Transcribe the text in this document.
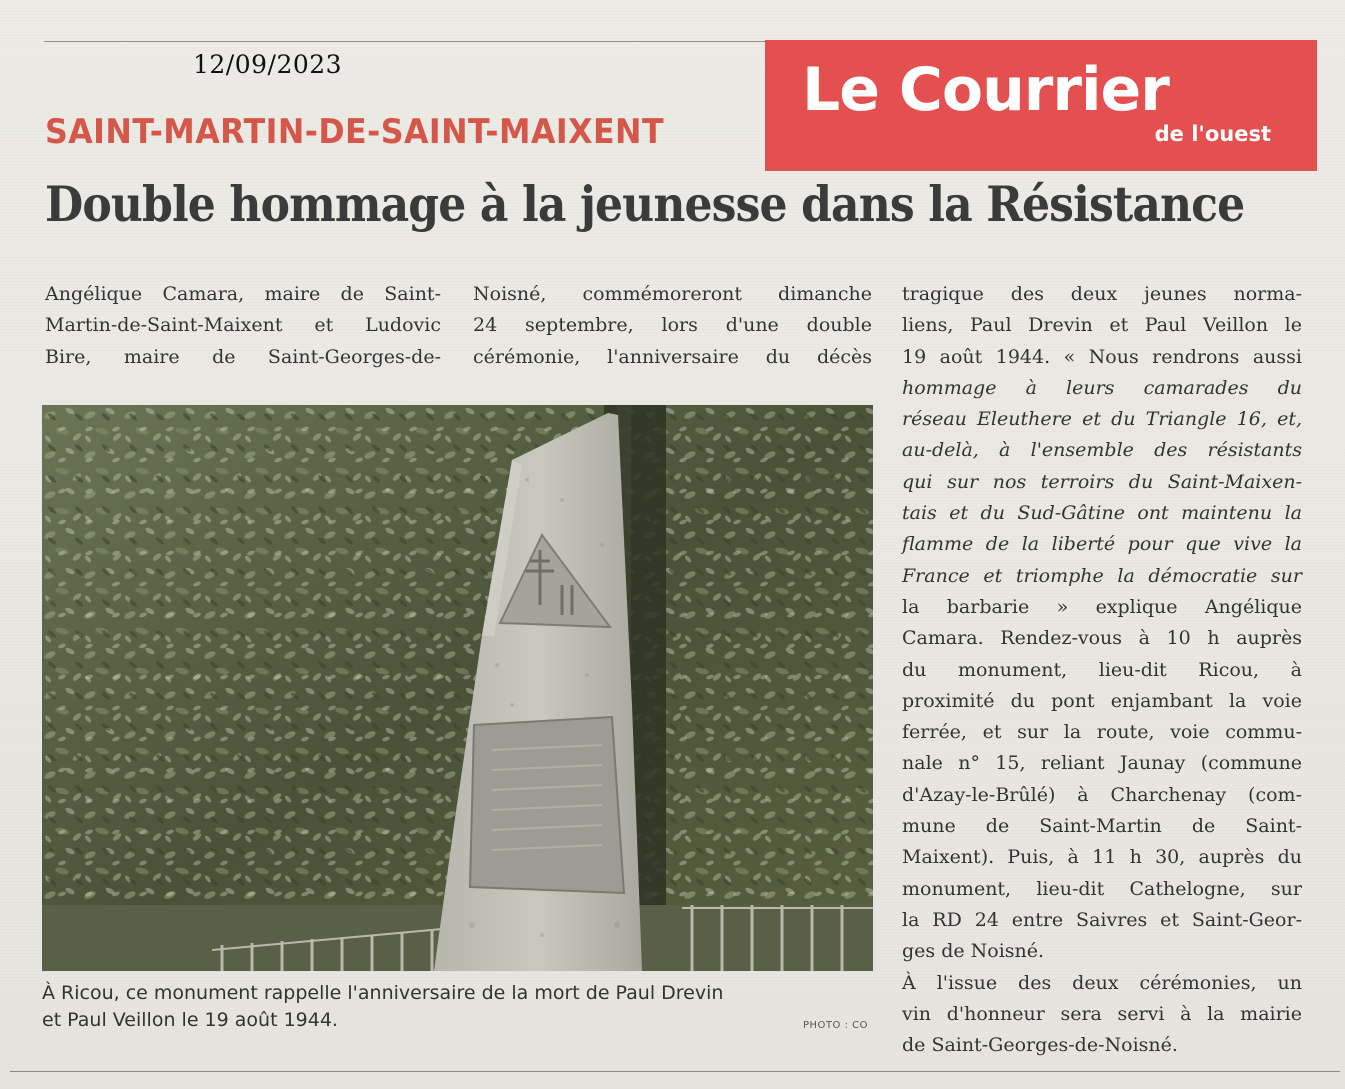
12/09/2023	Le Courrier
de l'ouest
SAINT-MARTIN-DE-SAINT-MAIXENT
Double hommage à la jeunesse dans la Résistance
Angélique Camara, maire de Saint-
Martin-de-Saint-Maixent et Ludovic
Bire, maire de Saint-Georges-de-
Noisné, commémoreront dimanche
24 septembre, lors d'une double
cérémonie, l'anniversaire du décès
tragique des deux jeunes norma-
liens, Paul Drevin et Paul Veillon le
19 août 1944. « Nous rendrons aussi
hommage à leurs camarades du
réseau Eleuthere et du Triangle 16, et,
au-delà, à l'ensemble des résistants
qui sur nos terroirs du Saint-Maixen-
tais et du Sud-Gâtine ont maintenu la
flamme de la liberté pour que vive la
France et triomphe la démocratie sur
la barbarie » explique Angélique
Camara. Rendez-vous à 10 h auprès
du monument, lieu-dit Ricou, à
proximité du pont enjambant la voie
ferrée, et sur la route, voie commu-
nale n° 15, reliant Jaunay (commune
d'Azay-le-Brûlé) à Charchenay (com-
mune de Saint-Martin de Saint-
Maixent). Puis, à 11 h 30, auprès du
monument, lieu-dit Cathelogne, sur
la RD 24 entre Saivres et Saint-Geor-
ges de Noisné.
À l'issue des deux cérémonies, un
vin d'honneur sera servi à la mairie
de Saint-Georges-de-Noisné.
À Ricou, ce monument rappelle l'anniversaire de la mort de Paul Drevin
et Paul Veillon le 19 août 1944.	PHOTO : CO
